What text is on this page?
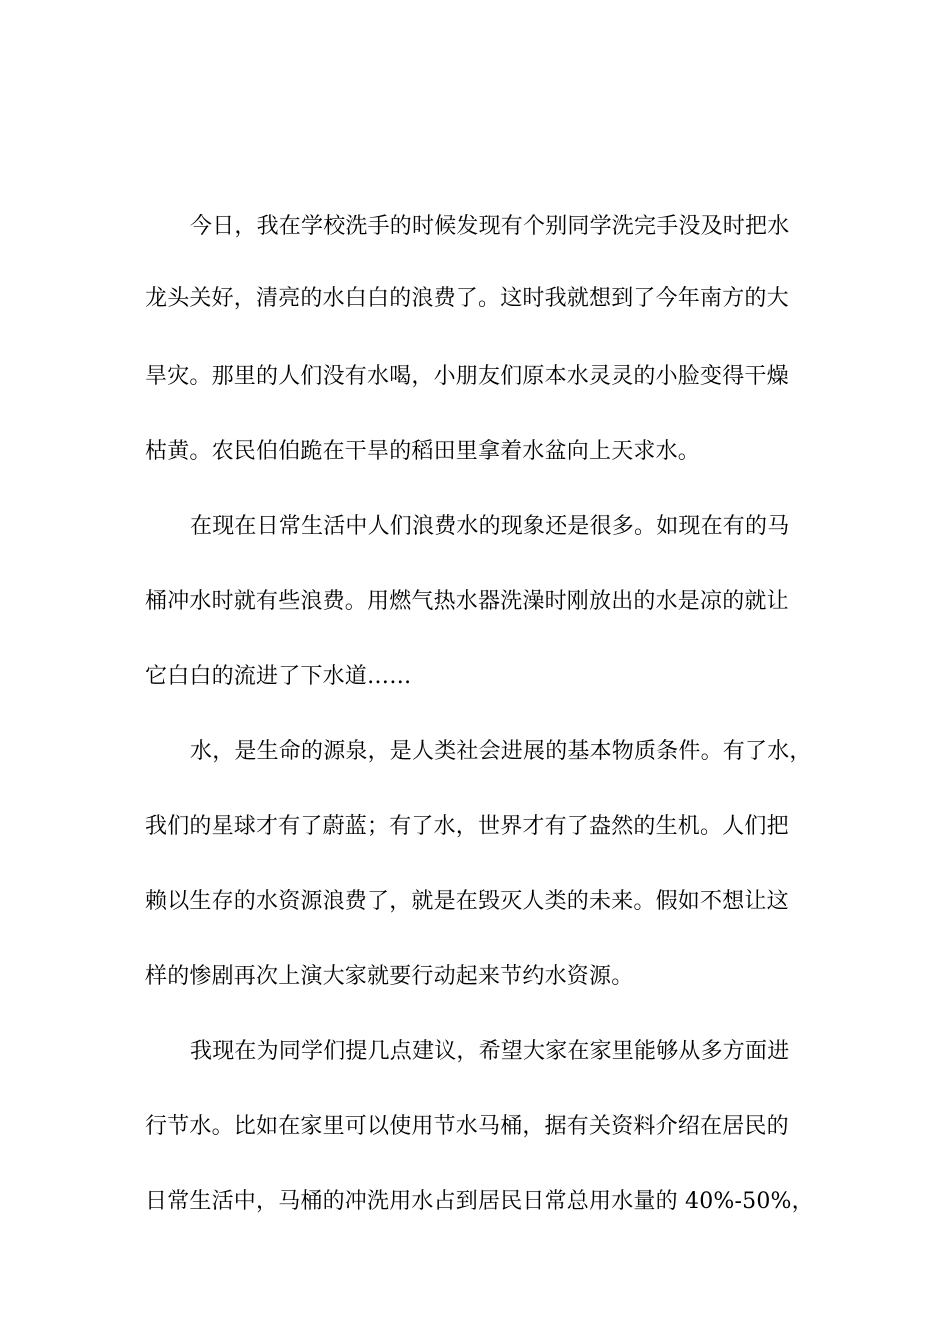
今日，我在学校洗手的时候发现有个别同学洗完手没及时把水
龙头关好，清亮的水白白的浪费了。这时我就想到了今年南方的大
旱灾。那里的人们没有水喝，小朋友们原本水灵灵的小脸变得干燥
枯黄。农民伯伯跪在干旱的稻田里拿着水盆向上天求水。
在现在日常生活中人们浪费水的现象还是很多。如现在有的马
桶冲水时就有些浪费。用燃气热水器洗澡时刚放出的水是凉的就让
它白白的流进了下水道……
水，是生命的源泉，是人类社会进展的基本物质条件。有了水，
我们的星球才有了蔚蓝；有了水，世界才有了盎然的生机。人们把
赖以生存的水资源浪费了，就是在毁灭人类的未来。假如不想让这
样的惨剧再次上演大家就要行动起来节约水资源。
我现在为同学们提几点建议，希望大家在家里能够从多方面进
行节水。比如在家里可以使用节水马桶，据有关资料介绍在居民的
日常生活中，马桶的冲洗用水占到居民日常总用水量的 40%-50%，
